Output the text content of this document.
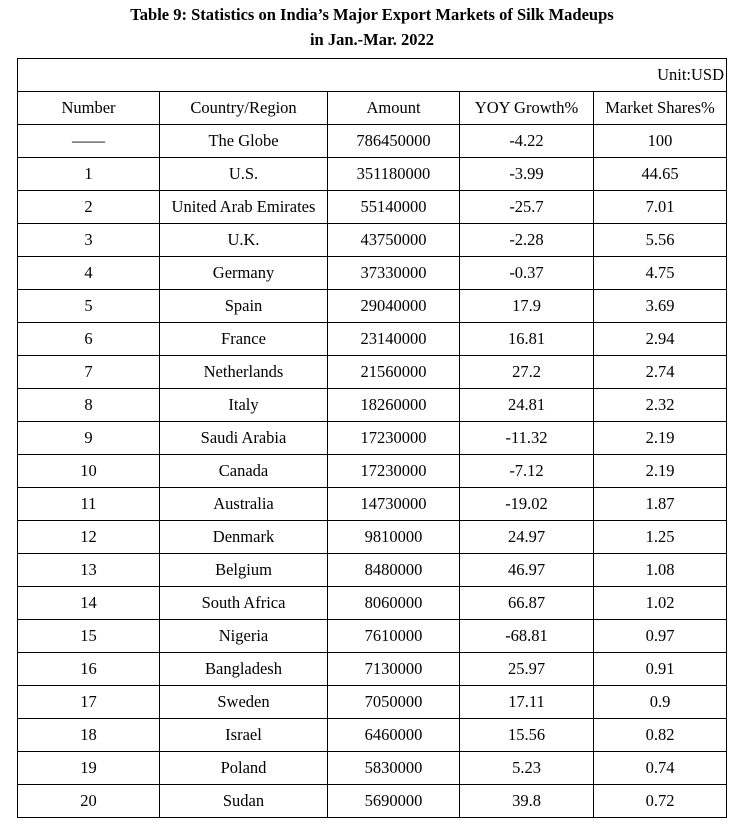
Table 9: Statistics on India’s Major Export Markets of Silk Madeups
in Jan.-Mar. 2022
Unit:USD				
Number	Country/Region	Amount	YOY Growth%	Market Shares%
——	The Globe	786450000	-4.22	100
1	U.S.	351180000	-3.99	44.65
2	United Arab Emirates	55140000	-25.7	7.01
3	U.K.	43750000	-2.28	5.56
4	Germany	37330000	-0.37	4.75
5	Spain	29040000	17.9	3.69
6	France	23140000	16.81	2.94
7	Netherlands	21560000	27.2	2.74
8	Italy	18260000	24.81	2.32
9	Saudi Arabia	17230000	-11.32	2.19
10	Canada	17230000	-7.12	2.19
11	Australia	14730000	-19.02	1.87
12	Denmark	9810000	24.97	1.25
13	Belgium	8480000	46.97	1.08
14	South Africa	8060000	66.87	1.02
15	Nigeria	7610000	-68.81	0.97
16	Bangladesh	7130000	25.97	0.91
17	Sweden	7050000	17.11	0.9
18	Israel	6460000	15.56	0.82
19	Poland	5830000	5.23	0.74
20	Sudan	5690000	39.8	0.72
